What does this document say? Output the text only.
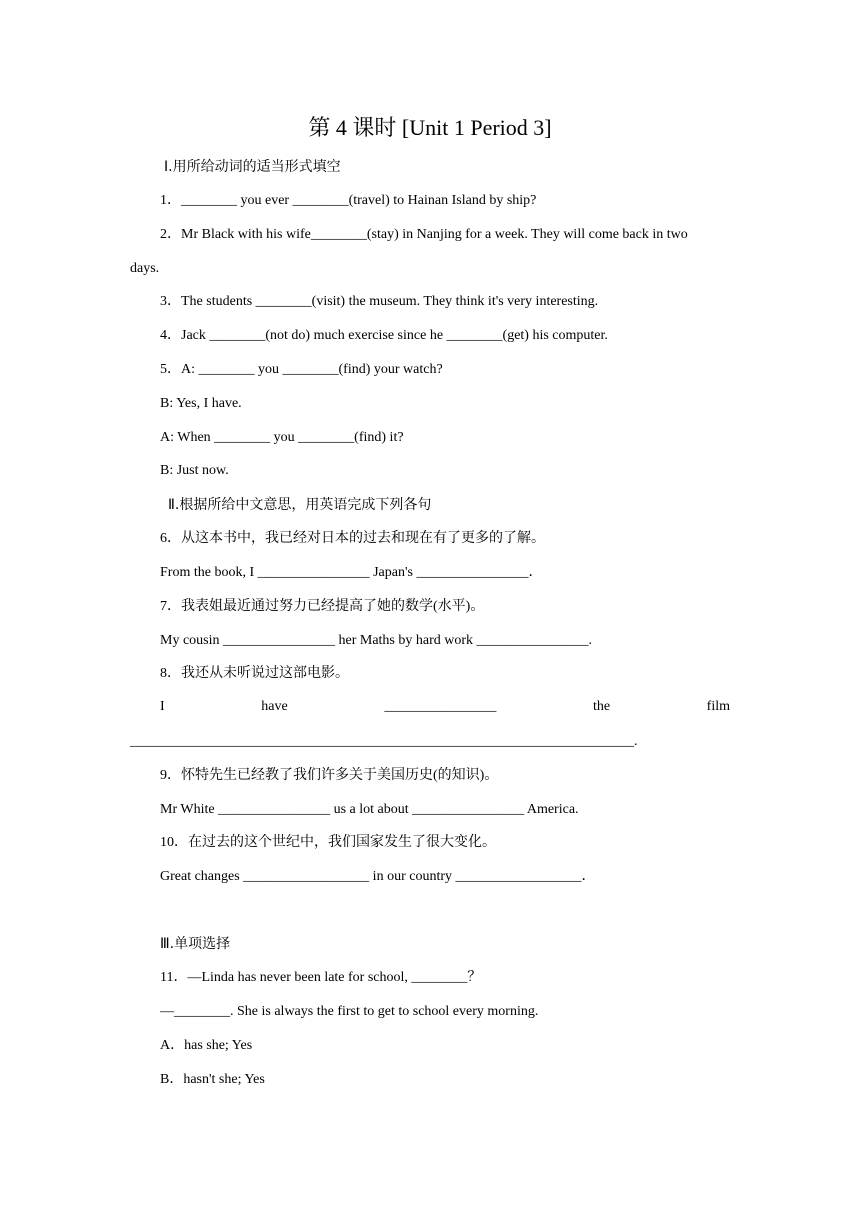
第 4 课时 [Unit 1 Period 3]
Ⅰ.用所给动词的适当形式填空
1．________ you ever ________(travel) to Hainan Island by ship?
2．Mr Black with his wife________(stay) in Nanjing for a week. They will come back in two
days.
3．The students ________(visit) the museum. They think it's very interesting.
4．Jack ________(not do) much exercise since he ________(get) his computer.
5．A: ________ you ________(find) your watch?
B: Yes, I have.
A: When ________ you ________(find) it?
B: Just now.
Ⅱ.根据所给中文意思，用英语完成下列各句
6．从这本书中，我已经对日本的过去和现在有了更多的了解。
From the book, I ________________ Japan's ________________．
7．我表姐最近通过努力已经提高了她的数学(水平)。
My cousin ________________ her Maths by hard work ________________.
8．我还从未听说过这部电影。
I	have	________________	the	film
________________________________________________________________________.
9．怀特先生已经教了我们许多关于美国历史(的知识)。
Mr White ________________ us a lot about ________________ America.
10．在过去的这个世纪中，我们国家发生了很大变化。
Great changes __________________ in our country __________________．
Ⅲ.单项选择
11．—Linda has never been late for school, ________？
—________. She is always the first to get to school every morning.
A．has she; Yes
B．hasn't she; Yes
